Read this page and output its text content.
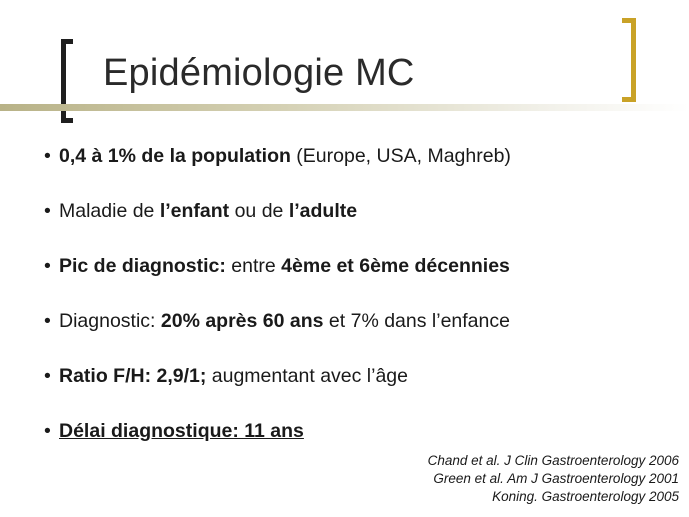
Epidémiologie MC
• 0,4 à 1% de la population (Europe, USA, Maghreb)
• Maladie de l’enfant ou de l’adulte
• Pic de diagnostic: entre 4ème et 6ème décennies
• Diagnostic: 20% après 60 ans et 7% dans l’enfance
• Ratio F/H: 2,9/1; augmentant avec l’âge
• Délai diagnostique: 11 ans
Chand et al. J Clin Gastroenterology 2006
Green et al. Am J Gastroenterology 2001
Koning. Gastroenterology 2005
